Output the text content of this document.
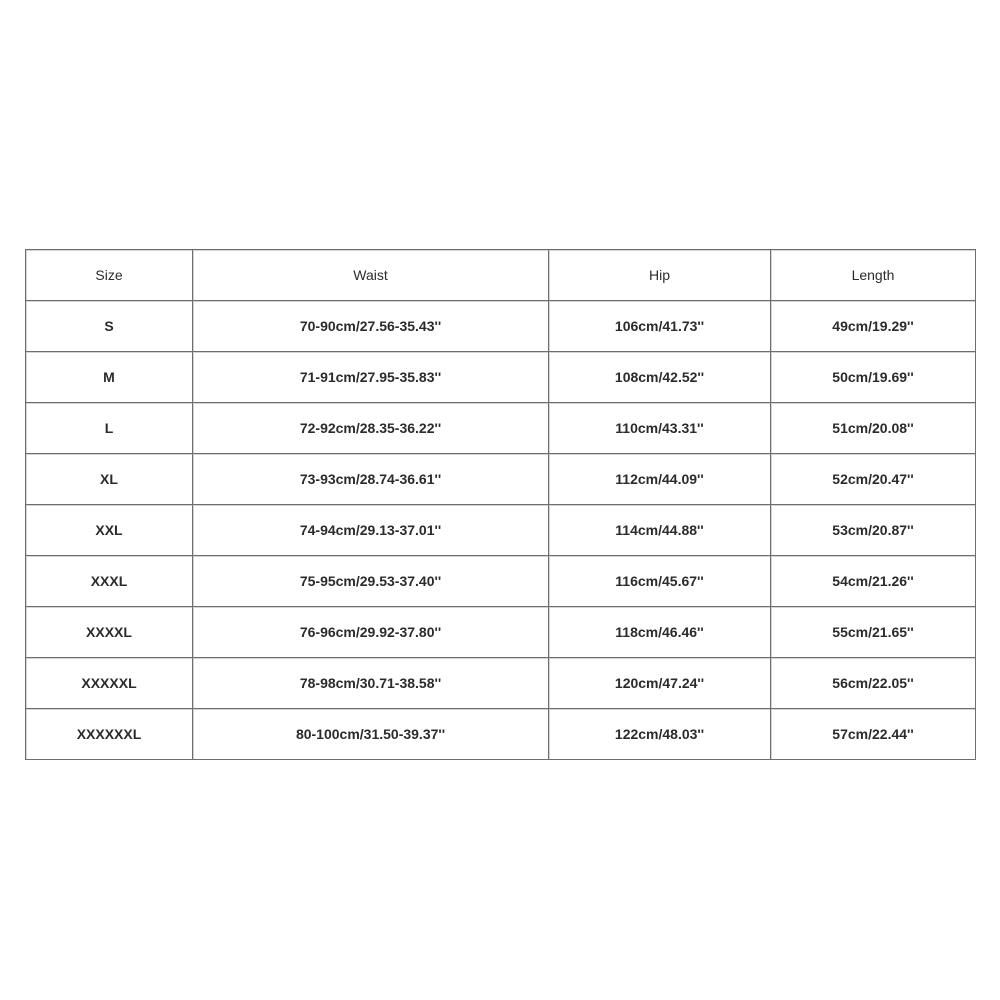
Size	Waist	Hip	Length
S	70-90cm/27.56-35.43''	106cm/41.73''	49cm/19.29''
M	71-91cm/27.95-35.83''	108cm/42.52''	50cm/19.69''
L	72-92cm/28.35-36.22''	110cm/43.31''	51cm/20.08''
XL	73-93cm/28.74-36.61''	112cm/44.09''	52cm/20.47''
XXL	74-94cm/29.13-37.01''	114cm/44.88''	53cm/20.87''
XXXL	75-95cm/29.53-37.40''	116cm/45.67''	54cm/21.26''
XXXXL	76-96cm/29.92-37.80''	118cm/46.46''	55cm/21.65''
XXXXXL	78-98cm/30.71-38.58''	120cm/47.24''	56cm/22.05''
XXXXXXL	80-100cm/31.50-39.37''	122cm/48.03''	57cm/22.44''
